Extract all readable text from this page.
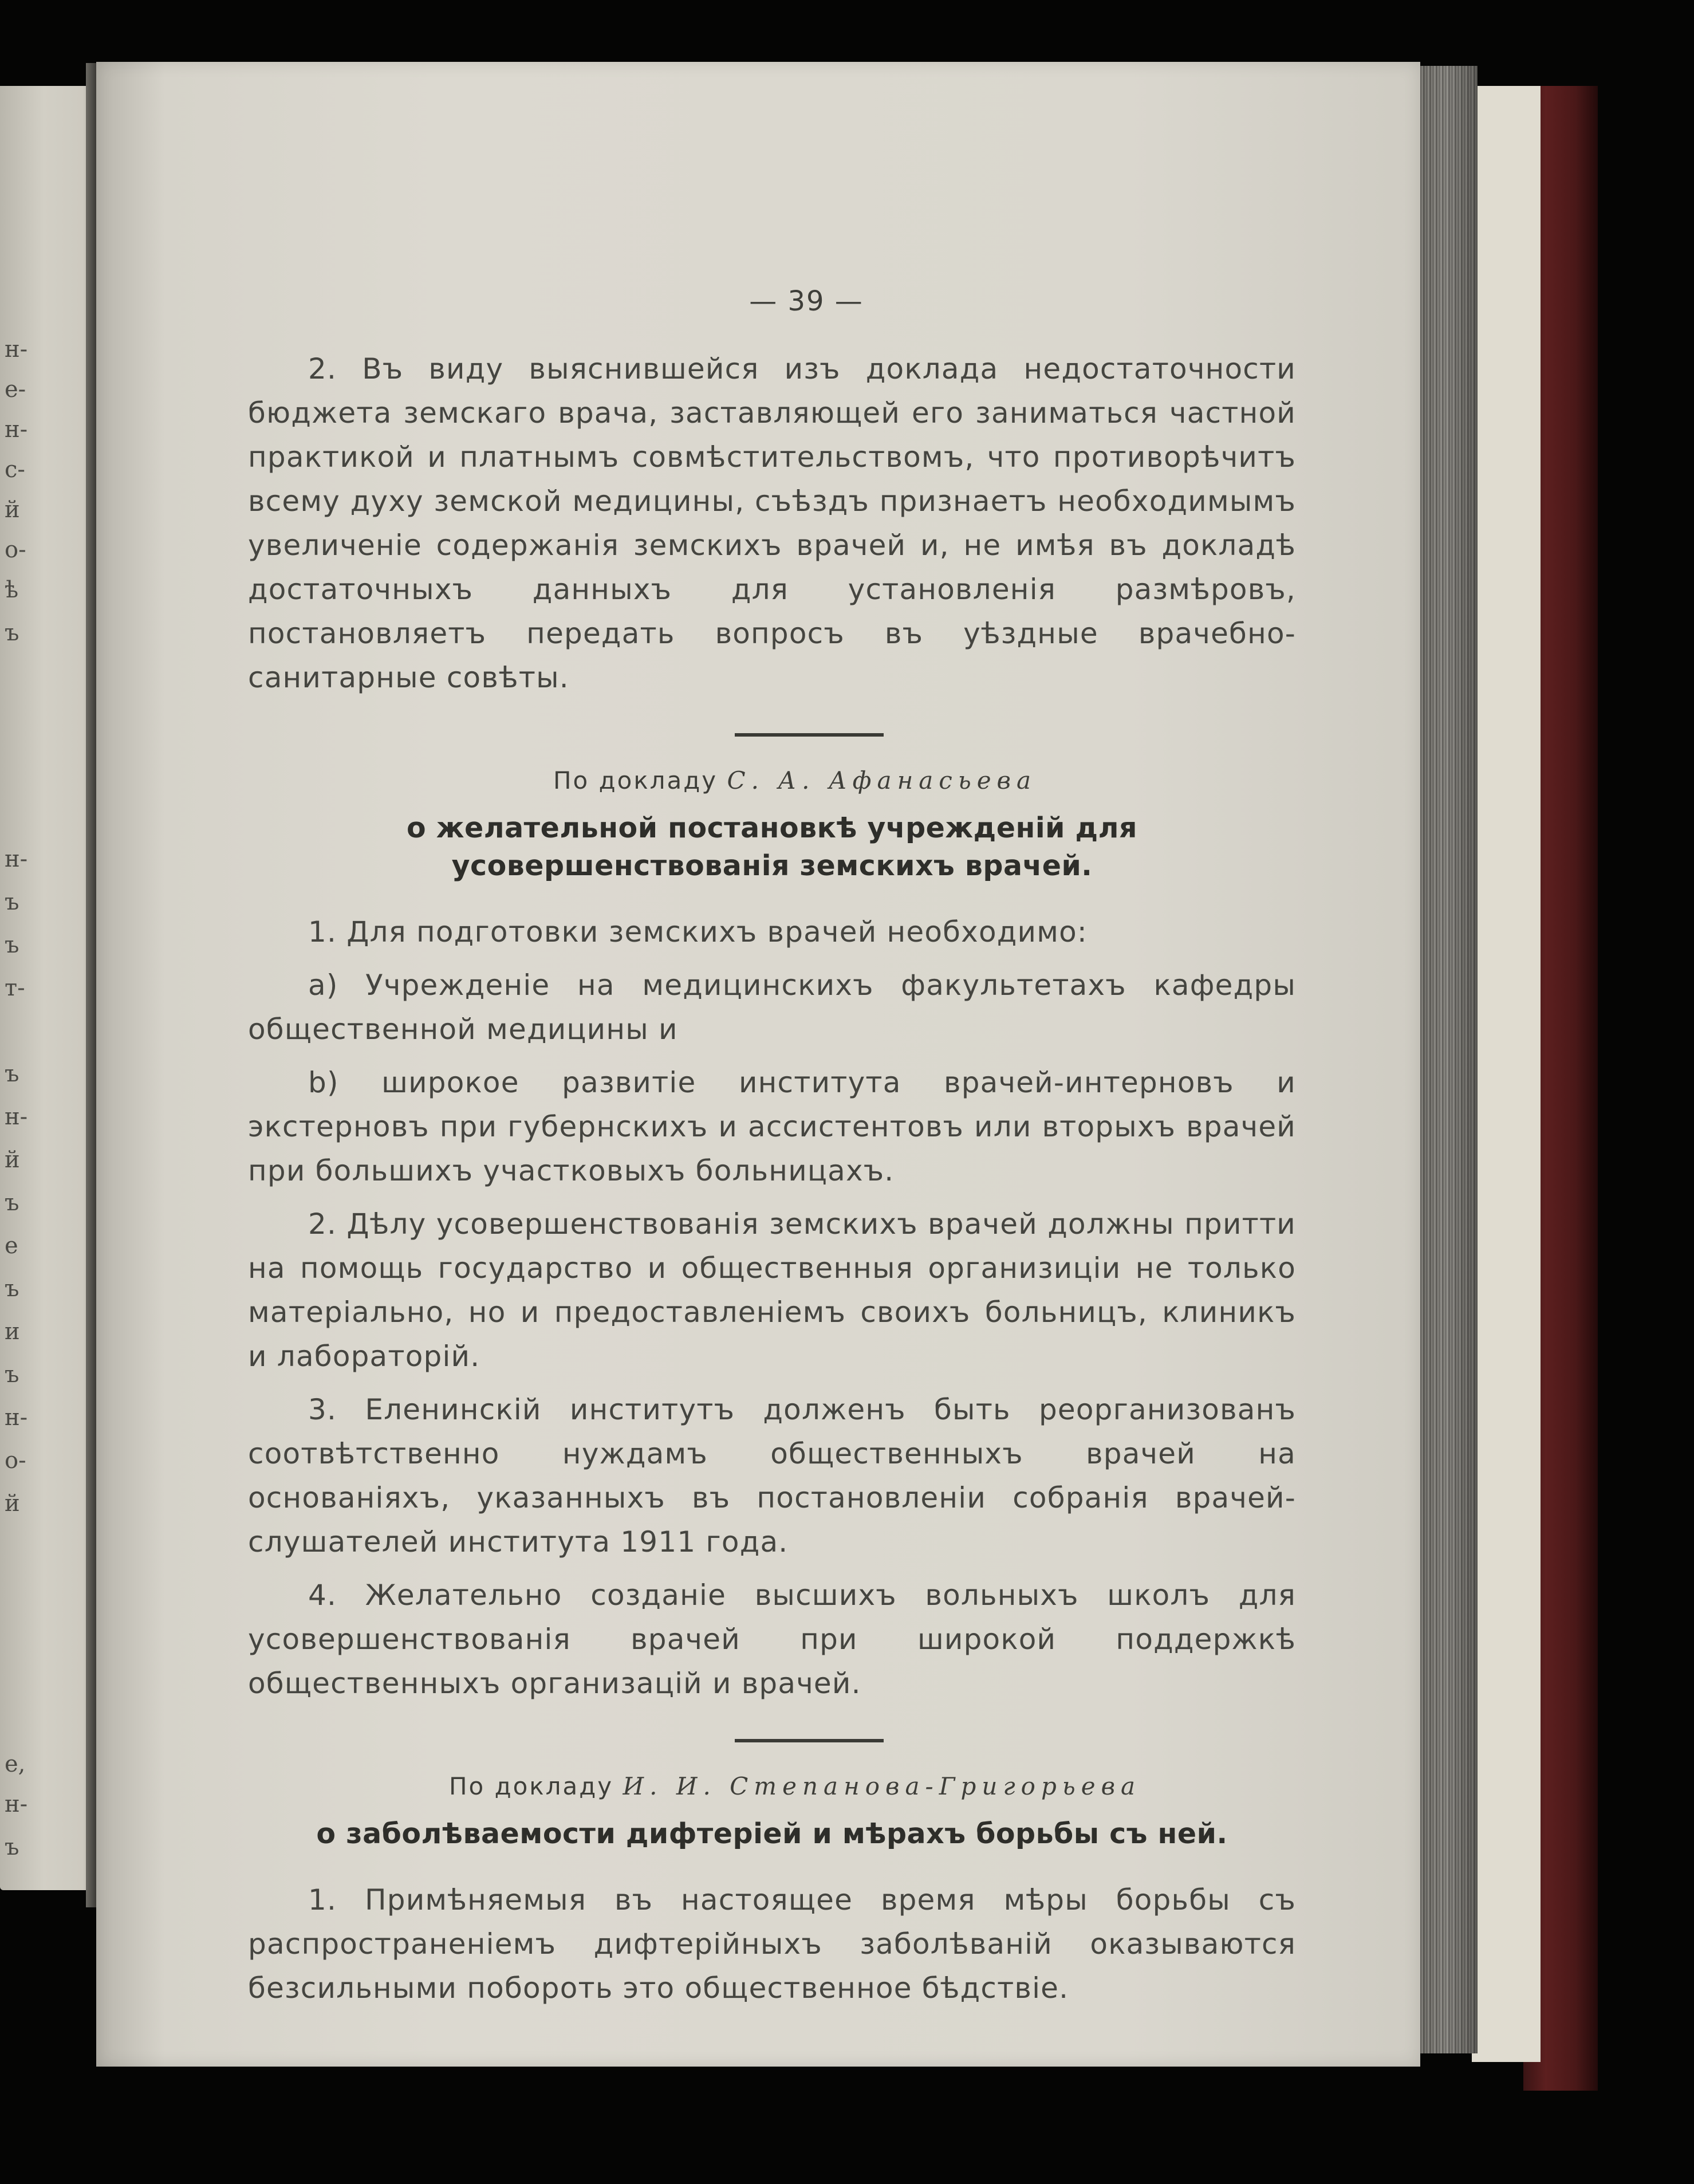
н-
е-
н-
с-
й
о-
ѣ
ъ
н-
ъ
ъ
т-
ъ
н-
й
ъ
е
ъ
и
ъ
н-
о-
й
е,
н-
ъ
— 39 —

2. Въ виду выяснившейся изъ доклада недостаточности бюджета земскаго врача, заставляющей его заниматься частной практикой и платнымъ совмѣстительствомъ, что противорѣчитъ всему духу земской медицины, съѣздъ признаетъ необходимымъ увеличеніе содержанія земскихъ врачей и, не имѣя въ докладѣ достаточныхъ данныхъ для установленія размѣровъ, постановляетъ передать вопросъ въ уѣздные врачебно-санитарные совѣты.

По докладу С. А. Афанасьева
о желательной постановкѣ учрежденій для усовершенствованія земскихъ врачей.

1. Для подготовки земскихъ врачей необходимо:

a) Учрежденіе на медицинскихъ факультетахъ кафедры общественной медицины и

b) широкое развитіе института врачей-интерновъ и экстерновъ при губернскихъ и ассистентовъ или вторыхъ врачей при большихъ участковыхъ больницахъ.

2. Дѣлу усовершенствованія земскихъ врачей должны притти на помощь государство и общественныя организиціи не только матеріально, но и предоставленіемъ своихъ больницъ, клиникъ и лабораторій.

3. Еленинскій институтъ долженъ быть реорганизованъ соотвѣтственно нуждамъ общественныхъ врачей на основаніяхъ, указанныхъ въ постановленіи собранія врачей-слушателей института 1911 года.

4. Желательно созданіе высшихъ вольныхъ школъ для усовершенствованія врачей при широкой поддержкѣ общественныхъ организацій и врачей.

По докладу И. И. Степанова-Григорьева
о заболѣваемости дифтеріей и мѣрахъ борьбы съ ней.

1. Примѣняемыя въ настоящее время мѣры борьбы съ распространеніемъ дифтерійныхъ заболѣваній оказываются безсильными побороть это общественное бѣдствіе.
